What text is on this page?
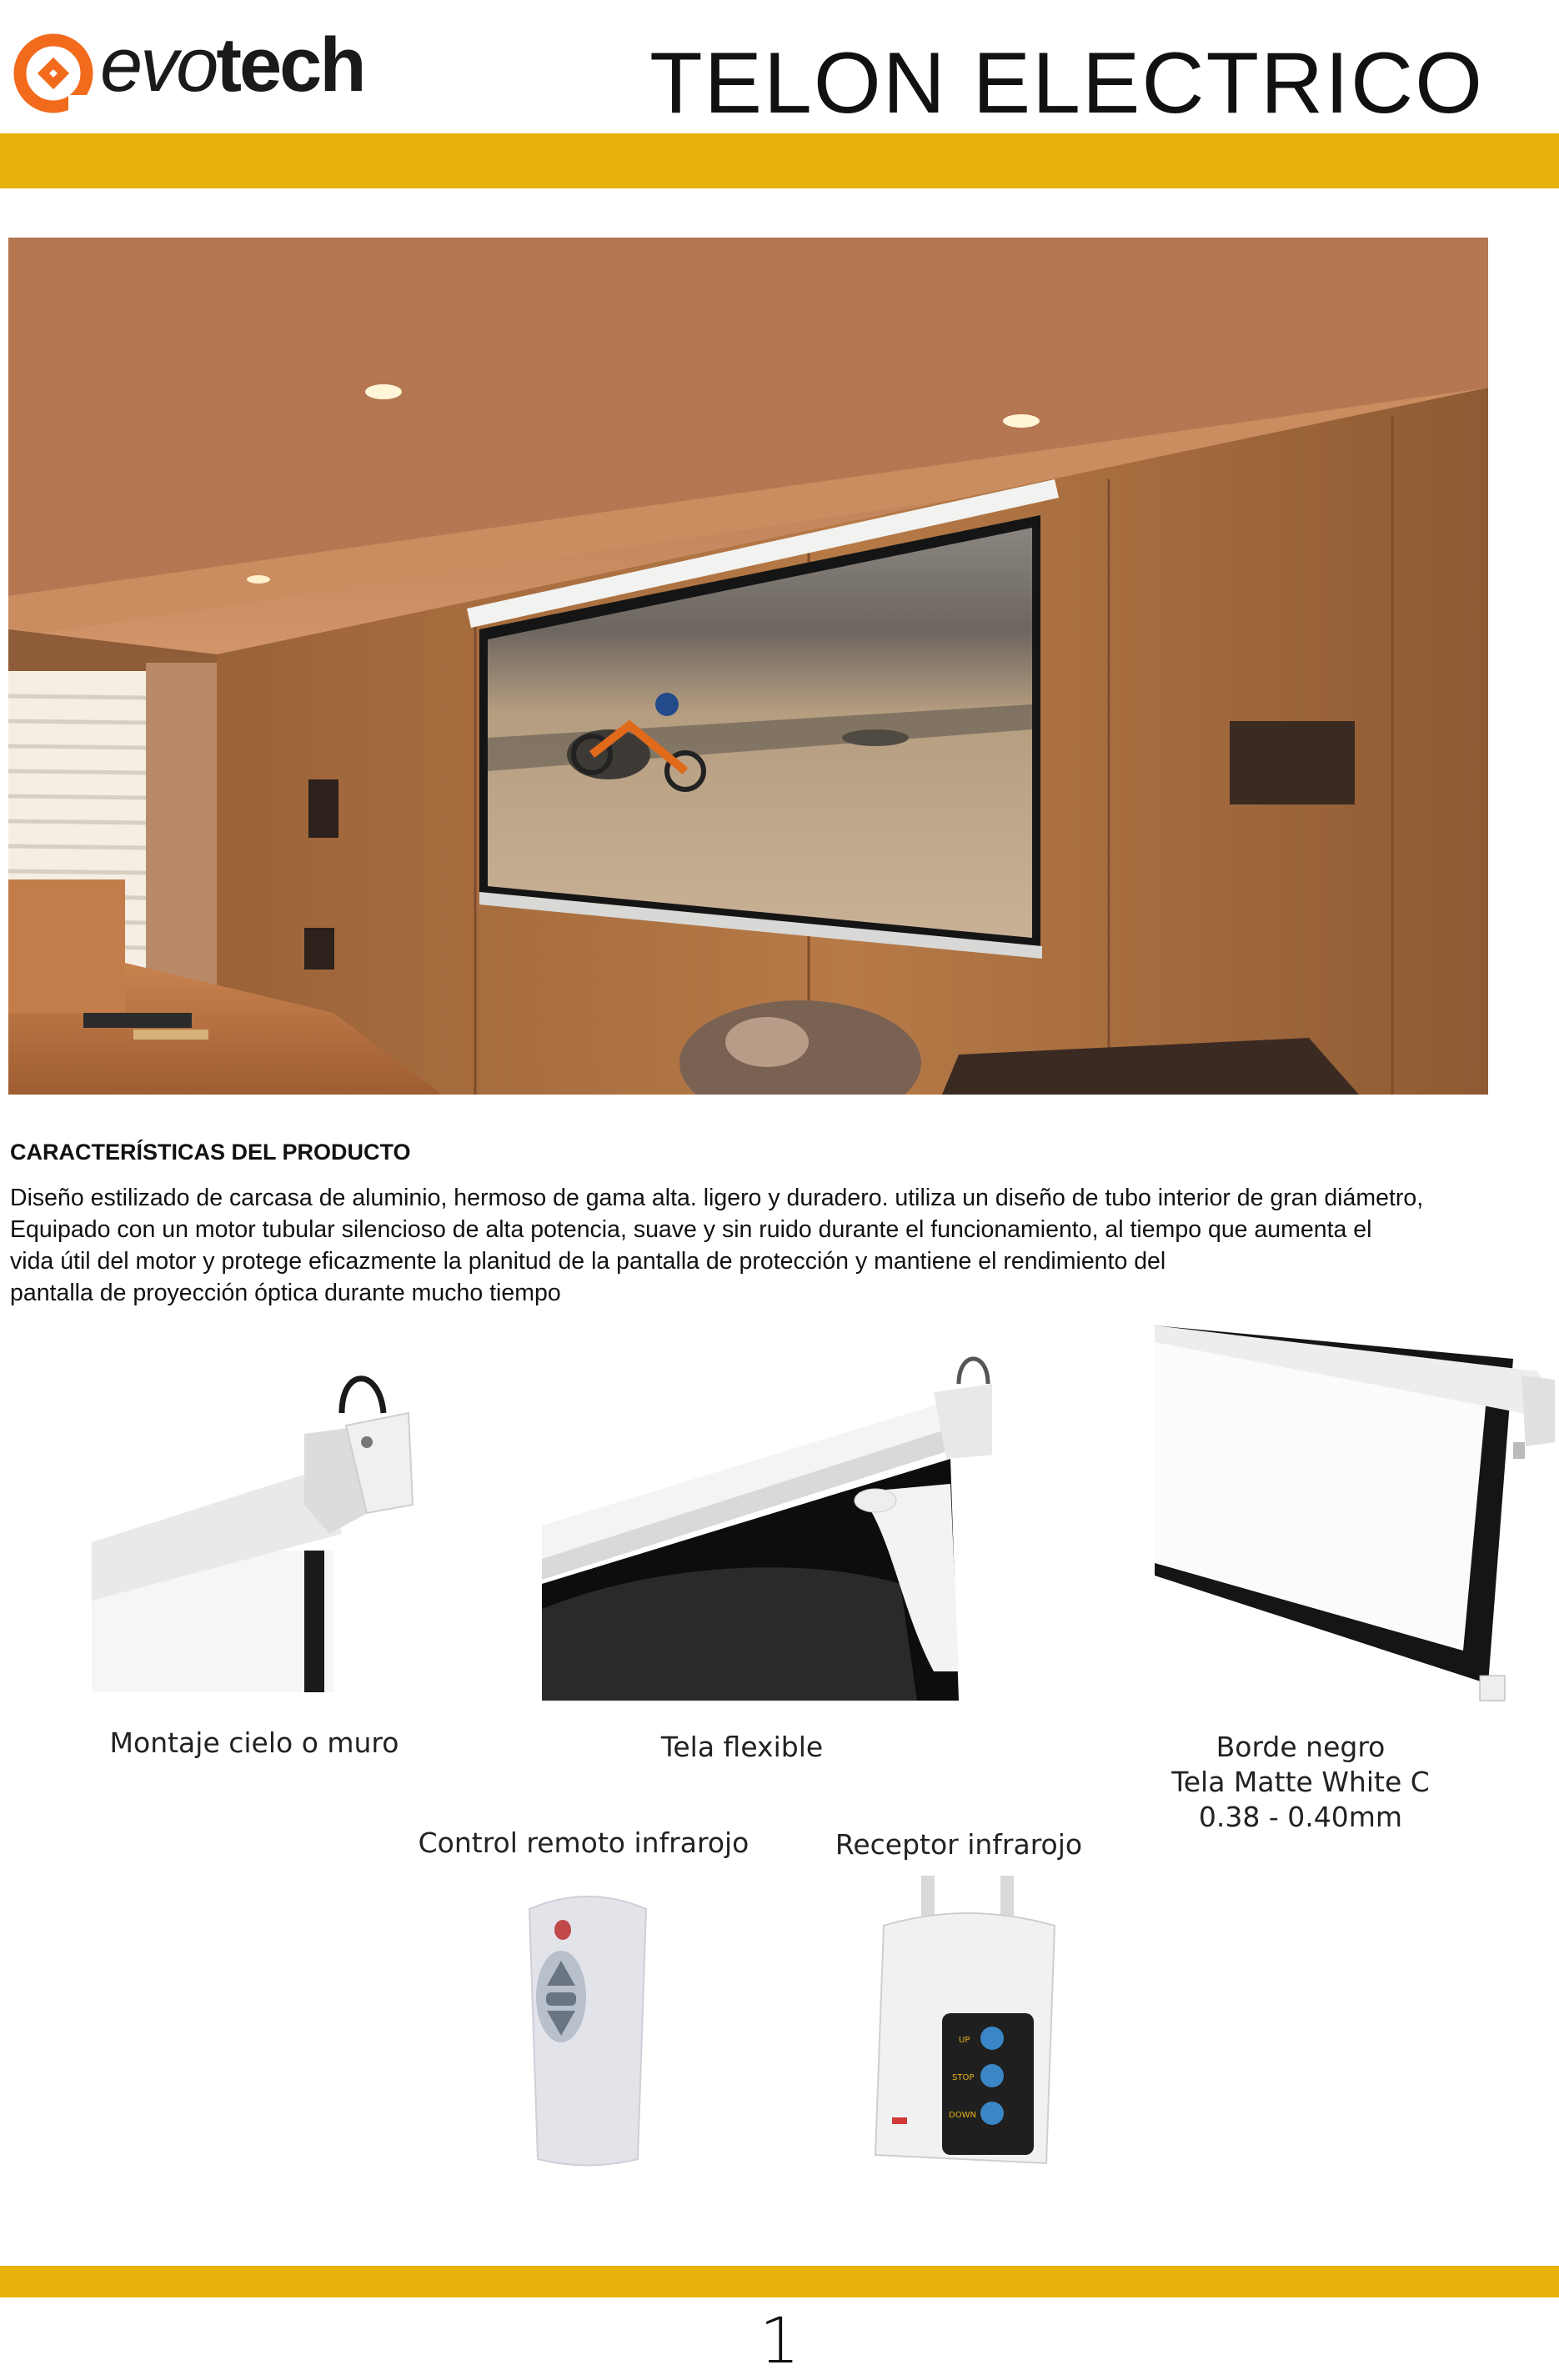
evotech	TELON ELECTRICO
CARACTERÍSTICAS DEL PRODUCTO

Diseño estilizado de carcasa de aluminio, hermoso de gama alta. ligero y duradero. utiliza un diseño de tubo interior de gran diámetro,

Equipado con un motor tubular silencioso de alta potencia, suave y sin ruido durante el funcionamiento, al tiempo que aumenta el

vida útil del motor y protege eficazmente la planitud de la pantalla de protección y mantiene el rendimiento del

pantalla de proyección óptica durante mucho tiempo

Montaje cielo o muro	Tela flexible	Borde negro
Tela Matte White C
0.38 - 0.40mm
Control remoto infrarojo	Receptor infrarojo
UP
STOP
DOWN
1
